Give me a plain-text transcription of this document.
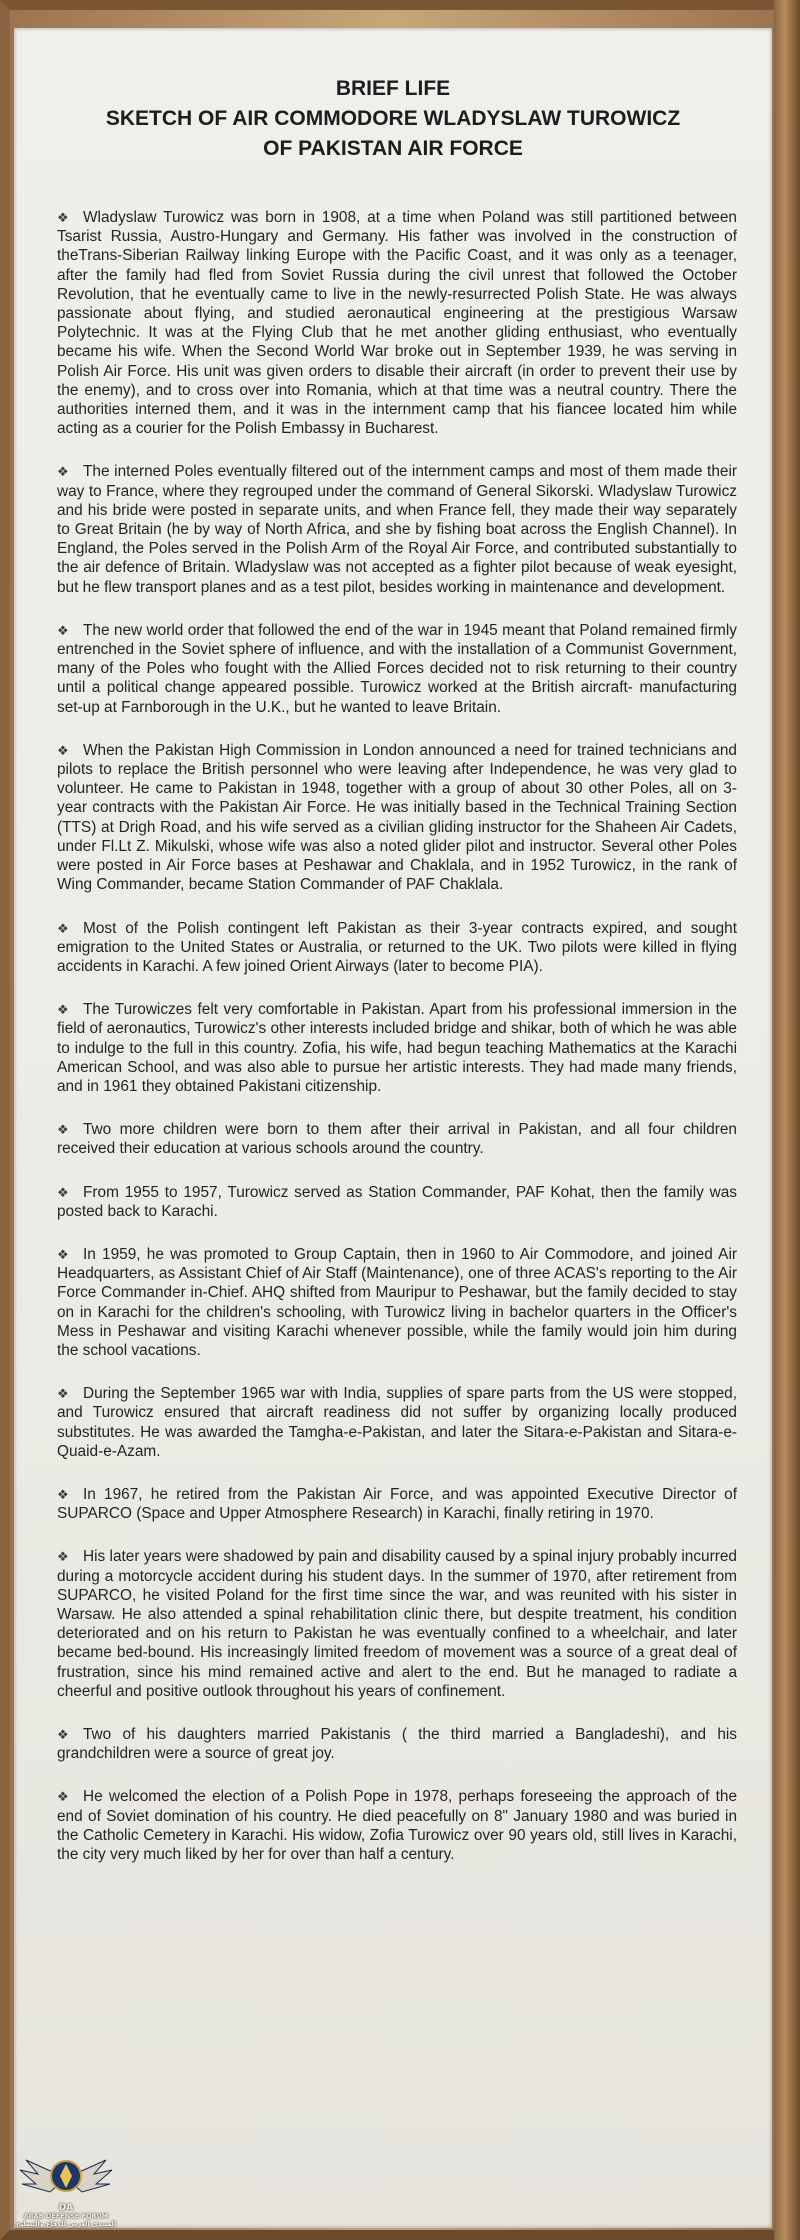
BRIEF LIFE
SKETCH OF AIR COMMODORE WLADYSLAW TUROWICZ
OF PAKISTAN AIR FORCE

❖ Wladyslaw Turowicz was born in 1908, at a time when Poland was still partitioned between Tsarist Russia, Austro-Hungary and Germany. His father was involved in the construction of theTrans-Siberian Railway linking Europe with the Pacific Coast, and it was only as a teenager, after the family had fled from Soviet Russia during the civil unrest that followed the October Revolution, that he eventually came to live in the newly-resurrected Polish State. He was always passionate about flying, and studied aeronautical engineering at the prestigious Warsaw Polytechnic. It was at the Flying Club that he met another gliding enthusiast, who eventually became his wife. When the Second World War broke out in September 1939, he was serving in Polish Air Force. His unit was given orders to disable their aircraft (in order to prevent their use by the enemy), and to cross over into Romania, which at that time was a neutral country. There the authorities interned them, and it was in the internment camp that his fiancee located him while acting as a courier for the Polish Embassy in Bucharest.

❖ The interned Poles eventually filtered out of the internment camps and most of them made their way to France, where they regrouped under the command of General Sikorski. Wladyslaw Turowicz and his bride were posted in separate units, and when France fell, they made their way separately to Great Britain (he by way of North Africa, and she by fishing boat across the English Channel). In England, the Poles served in the Polish Arm of the Royal Air Force, and contributed substantially to the air defence of Britain. Wladyslaw was not accepted as a fighter pilot because of weak eyesight, but he flew transport planes and as a test pilot, besides working in maintenance and development.

❖ The new world order that followed the end of the war in 1945 meant that Poland remained firmly entrenched in the Soviet sphere of influence, and with the installation of a Communist Government, many of the Poles who fought with the Allied Forces decided not to risk returning to their country until a political change appeared possible. Turowicz worked at the British aircraft- manufacturing set-up at Farnborough in the U.K., but he wanted to leave Britain.

❖ When the Pakistan High Commission in London announced a need for trained technicians and pilots to replace the British personnel who were leaving after Independence, he was very glad to volunteer. He came to Pakistan in 1948, together with a group of about 30 other Poles, all on 3- year contracts with the Pakistan Air Force. He was initially based in the Technical Training Section (TTS) at Drigh Road, and his wife served as a civilian gliding instructor for the Shaheen Air Cadets, under Fl.Lt Z. Mikulski, whose wife was also a noted glider pilot and instructor. Several other Poles were posted in Air Force bases at Peshawar and Chaklala, and in 1952 Turowicz, in the rank of Wing Commander, became Station Commander of PAF Chaklala.

❖ Most of the Polish contingent left Pakistan as their 3-year contracts expired, and sought emigration to the United States or Australia, or returned to the UK. Two pilots were killed in flying accidents in Karachi. A few joined Orient Airways (later to become PIA).

❖ The Turowiczes felt very comfortable in Pakistan. Apart from his professional immersion in the field of aeronautics, Turowicz's other interests included bridge and shikar, both of which he was able to indulge to the full in this country. Zofia, his wife, had begun teaching Mathematics at the Karachi American School, and was also able to pursue her artistic interests. They had made many friends, and in 1961 they obtained Pakistani citizenship.

❖ Two more children were born to them after their arrival in Pakistan, and all four children received their education at various schools around the country.

❖ From 1955 to 1957, Turowicz served as Station Commander, PAF Kohat, then the family was posted back to Karachi.

❖ In 1959, he was promoted to Group Captain, then in 1960 to Air Commodore, and joined Air Headquarters, as Assistant Chief of Air Staff (Maintenance), one of three ACAS's reporting to the Air Force Commander in-Chief. AHQ shifted from Mauripur to Peshawar, but the family decided to stay on in Karachi for the children's schooling, with Turowicz living in bachelor quarters in the Officer's Mess in Peshawar and visiting Karachi whenever possible, while the family would join him during the school vacations.

❖ During the September 1965 war with India, supplies of spare parts from the US were stopped, and Turowicz ensured that aircraft readiness did not suffer by organizing locally produced substitutes. He was awarded the Tamgha-e-Pakistan, and later the Sitara-e-Pakistan and Sitara-e-Quaid-e-Azam.

❖ In 1967, he retired from the Pakistan Air Force, and was appointed Executive Director of SUPARCO (Space and Upper Atmosphere Research) in Karachi, finally retiring in 1970.

❖ His later years were shadowed by pain and disability caused by a spinal injury probably incurred during a motorcycle accident during his student days. In the summer of 1970, after retirement from SUPARCO, he visited Poland for the first time since the war, and was reunited with his sister in Warsaw. He also attended a spinal rehabilitation clinic there, but despite treatment, his condition deteriorated and on his return to Pakistan he was eventually confined to a wheelchair, and later became bed-bound. His increasingly limited freedom of movement was a source of a great deal of frustration, since his mind remained active and alert to the end. But he managed to radiate a cheerful and positive outlook throughout his years of confinement.

❖ Two of his daughters married Pakistanis ( the third married a Bangladeshi), and his grandchildren were a source of great joy.

❖ He welcomed the election of a Polish Pope in 1978, perhaps foreseeing the approach of the end of Soviet domination of his country. He died peacefully on 8" January 1980 and was buried in the Catholic Cemetery in Karachi. His widow, Zofia Turowicz over 90 years old, still lives in Karachi, the city very much liked by her for over than half a century.

DA
ARAB DEFENSE FORUM
المنتدى العربي للدفاع والتسليح
